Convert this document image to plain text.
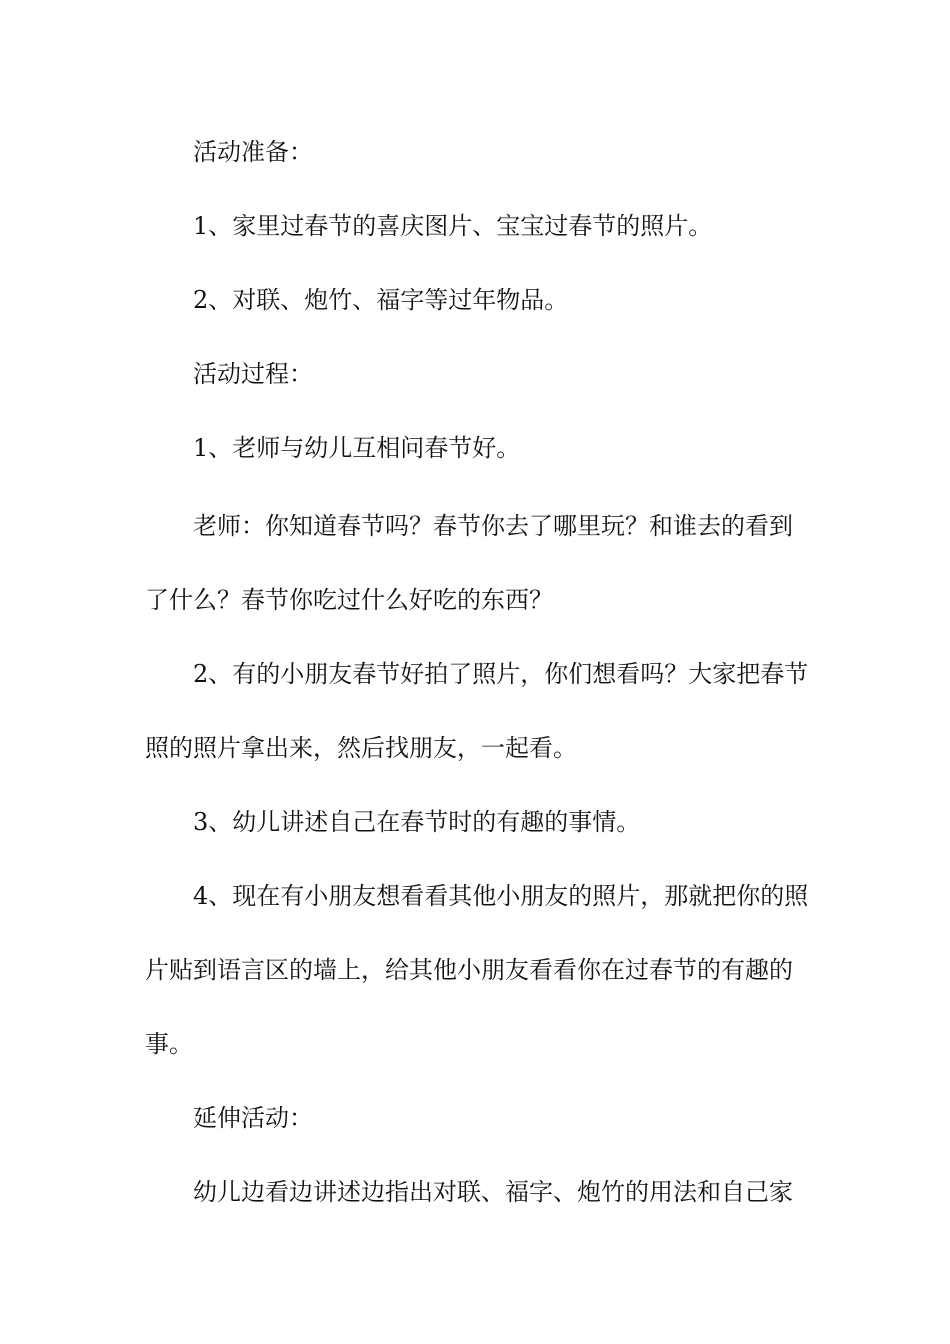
活动准备：

1、家里过春节的喜庆图片、宝宝过春节的照片。

2、对联、炮竹、福字等过年物品。

活动过程：

1、老师与幼儿互相问春节好。

老师：你知道春节吗？春节你去了哪里玩？和谁去的看到了什么？春节你吃过什么好吃的东西？

2、有的小朋友春节好拍了照片，你们想看吗？大家把春节照的照片拿出来，然后找朋友，一起看。

3、幼儿讲述自己在春节时的有趣的事情。

4、现在有小朋友想看看其他小朋友的照片，那就把你的照片贴到语言区的墙上，给其他小朋友看看你在过春节的有趣的事。

延伸活动：

幼儿边看边讲述边指出对联、福字、炮竹的用法和自己家
